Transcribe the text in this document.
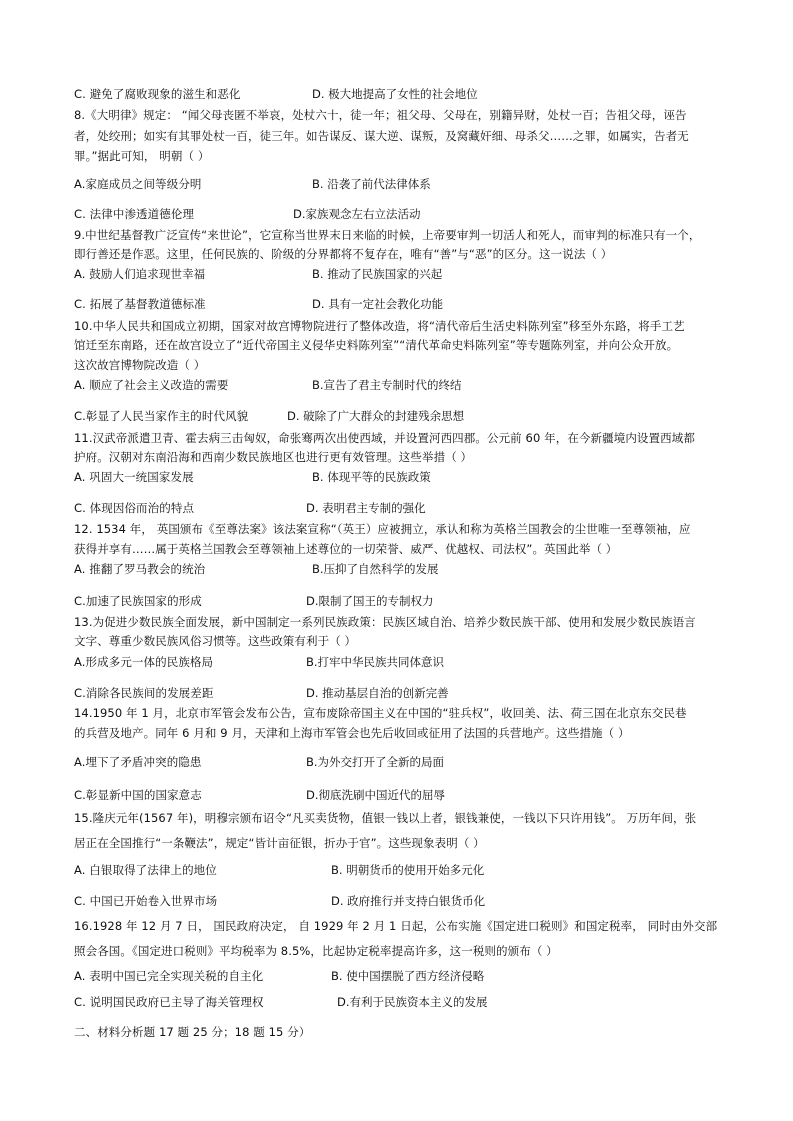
C. 避免了腐败现象的滋生和恶化	D. 极大地提高了女性的社会地位
8.《大明律》规定： “闻父母丧匿不举哀，处杖六十，徒一年；祖父母、父母在，别籍异财，处杖一百；告祖父母，诬告
者，处绞刑；如实有其罪处杖一百，徒三年。如告谋反、谋大逆、谋叛，及窝藏奸细、母杀父……之罪，如属实，告者无
罪。”据此可知， 明朝（ ）
A.家庭成员之间等级分明	B. 沿袭了前代法律体系
C. 法律中渗透道德伦理	D.家族观念左右立法活动
9.中世纪基督教广泛宣传“来世论”，它宣称当世界末日来临的时候，上帝要审判一切活人和死人，而审判的标准只有一个，
即行善还是作恶。这里，任何民族的、阶级的分界都将不复存在，唯有“善”与“恶”的区分。这一说法（ ）
A. 鼓励人们追求现世幸福	B. 推动了民族国家的兴起
C. 拓展了基督教道德标准	D. 具有一定社会教化功能
10.中华人民共和国成立初期，国家对故宫博物院进行了整体改造，将“清代帝后生活史料陈列室”移至外东路，将手工艺
馆迁至东南路，还在故宫设立了“近代帝国主义侵华史料陈列室”“清代革命史料陈列室”等专题陈列室，并向公众开放。
这次故宫博物院改造（ ）
A. 顺应了社会主义改造的需要	B.宣告了君主专制时代的终结
C.彰显了人民当家作主的时代风貌	D. 破除了广大群众的封建残余思想
11.汉武帝派遣卫青、霍去病三击匈奴，命张骞两次出使西域，并设置河西四郡。公元前 60 年，在今新疆境内设置西域都
护府。汉朝对东南沿海和西南少数民族地区也进行更有效管理。这些举措（ ）
A. 巩固大一统国家发展	B. 体现平等的民族政策
C. 体现因俗而治的特点	D. 表明君主专制的强化
12. 1534 年， 英国颁布《至尊法案》该法案宣称“（英王）应被拥立，承认和称为英格兰国教会的尘世唯一至尊领袖，应
获得并享有……属于英格兰国教会至尊领袖上述尊位的一切荣誉、威严、优越权、司法权”。英国此举（ ）
A. 推翻了罗马教会的统治	B.压抑了自然科学的发展
C.加速了民族国家的形成	D.限制了国王的专制权力
13.为促进少数民族全面发展，新中国制定一系列民族政策：民族区域自治、培养少数民族干部、使用和发展少数民族语言
文字、尊重少数民族风俗习惯等。这些政策有利于（ ）
A.形成多元一体的民族格局	B.打牢中华民族共同体意识
C.消除各民族间的发展差距	D. 推动基层自治的创新完善
14.1950 年 1 月，北京市军管会发布公告，宣布废除帝国主义在中国的“驻兵权”，收回美、法、荷三国在北京东交民巷
的兵营及地产。同年 6 月和 9 月，天津和上海市军管会也先后收回或征用了法国的兵营地产。这些措施（ ）
A.埋下了矛盾冲突的隐患	B.为外交打开了全新的局面
C.彰显新中国的国家意志	D.彻底洗刷中国近代的屈辱
15.隆庆元年(1567 年)，明穆宗颁布诏令“凡买卖货物，值银一钱以上者，银钱兼使，一钱以下只许用钱”。 万历年间，张
居正在全国推行“一条鞭法”，规定“皆计亩征银，折办于官”。这些现象表明（ ）
A. 白银取得了法律上的地位	B. 明朝货币的使用开始多元化
C. 中国已开始卷入世界市场	D. 政府推行并支持白银货币化
16.1928 年 12 月 7 日， 国民政府决定， 自 1929 年 2 月 1 日起，公布实施《国定进口税则》和国定税率， 同时由外交部
照会各国。《国定进口税则》平均税率为 8.5%，比起协定税率提高许多，这一税则的颁布（ ）
A. 表明中国已完全实现关税的自主化	B. 使中国摆脱了西方经济侵略
C. 说明国民政府已主导了海关管理权	D.有利于民族资本主义的发展
二、材料分析题 17 题 25 分；18 题 15 分）
